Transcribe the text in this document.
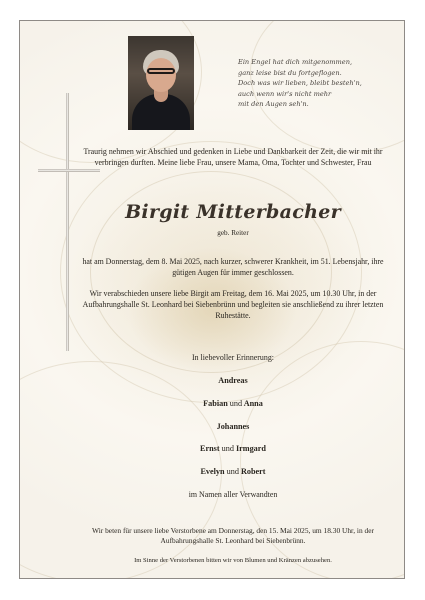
Ein Engel hat dich mitgenommen,
ganz leise bist du fortgeflogen.
Doch was wir lieben, bleibt besteh'n,
auch wenn wir's nicht mehr
mit den Augen seh'n.

Traurig nehmen wir Abschied und gedenken in Liebe und Dankbarkeit der Zeit, die wir mit ihr verbringen durften. Meine liebe Frau, unsere Mama, Oma, Tochter und Schwester, Frau

Birgit Mitterbacher
geb. Reiter

hat am Donnerstag, dem 8. Mai 2025, nach kurzer, schwerer Krankheit, im 51. Lebensjahr, ihre gütigen Augen für immer geschlossen.

Wir verabschieden unsere liebe Birgit am Freitag, dem 16. Mai 2025, um 10.30 Uhr, in der Aufbahrungshalle St. Leonhard bei Siebenbrünn und begleiten sie anschließend zu ihrer letzten Ruhestätte.

In liebevoller Erinnerung:

Andreas
Fabian und Anna
Johannes
Ernst und Irmgard
Evelyn und Robert

im Namen aller Verwandten

Wir beten für unsere liebe Verstorbene am Donnerstag, den 15. Mai 2025, um 18.30 Uhr, in der Aufbahrungshalle St. Leonhard bei Siebenbrünn.

Im Sinne der Verstorbenen bitten wir von Blumen und Kränzen abzusehen.
